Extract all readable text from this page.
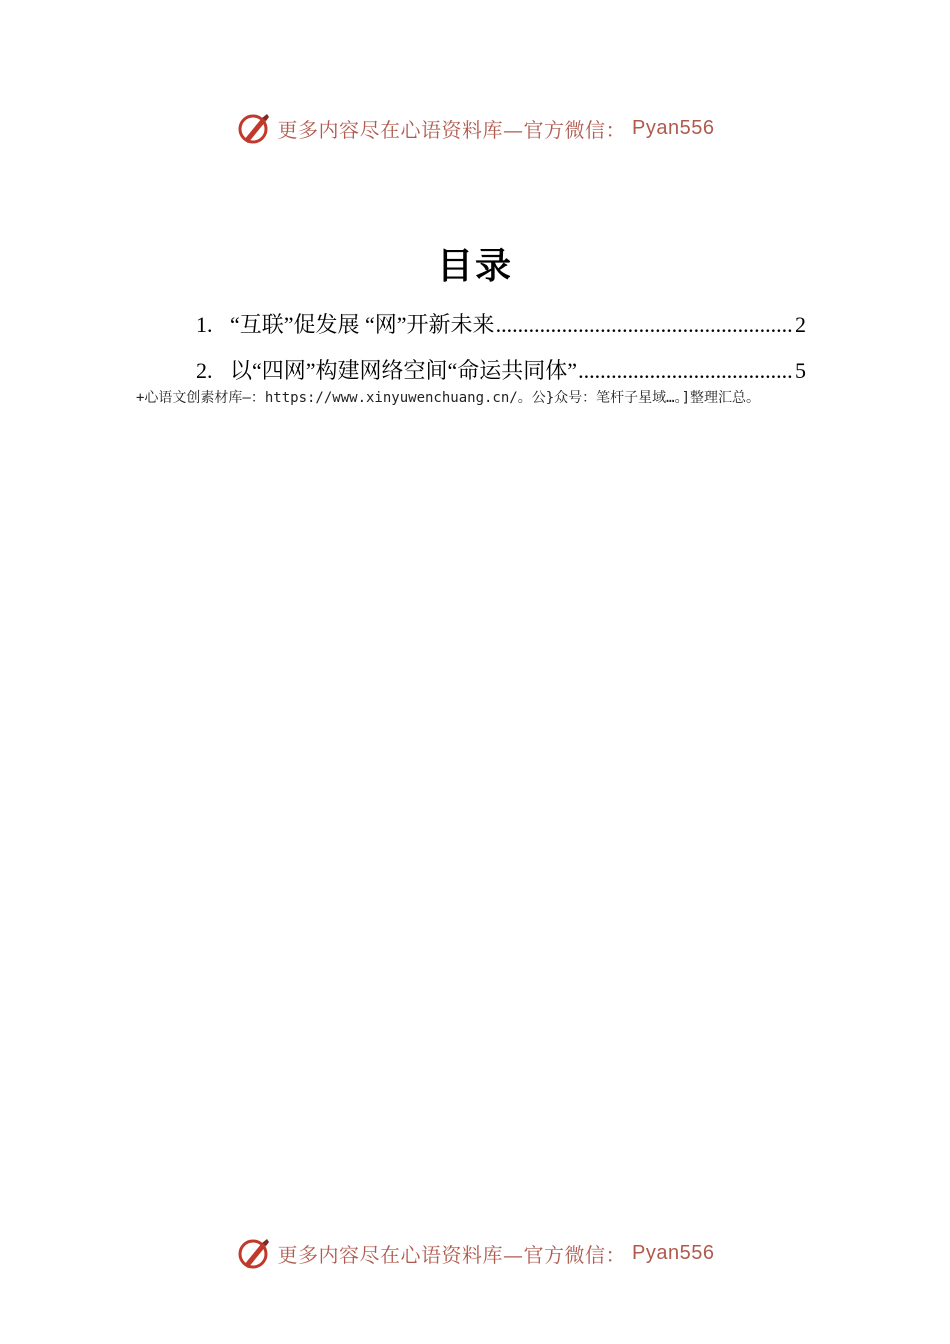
更多内容尽在心语资料库—官方微信： Pyan556
目录
1. “互联”促发展 “网”开新未来 .....	2
2. 以“四网”构建网络空间“命运共同体” .....	5
+心语文创素材库—：https://www.xinyuwenchuang.cn/。公}众号：笔杆子星域…。]整理汇总。
更多内容尽在心语资料库—官方微信： Pyan556
